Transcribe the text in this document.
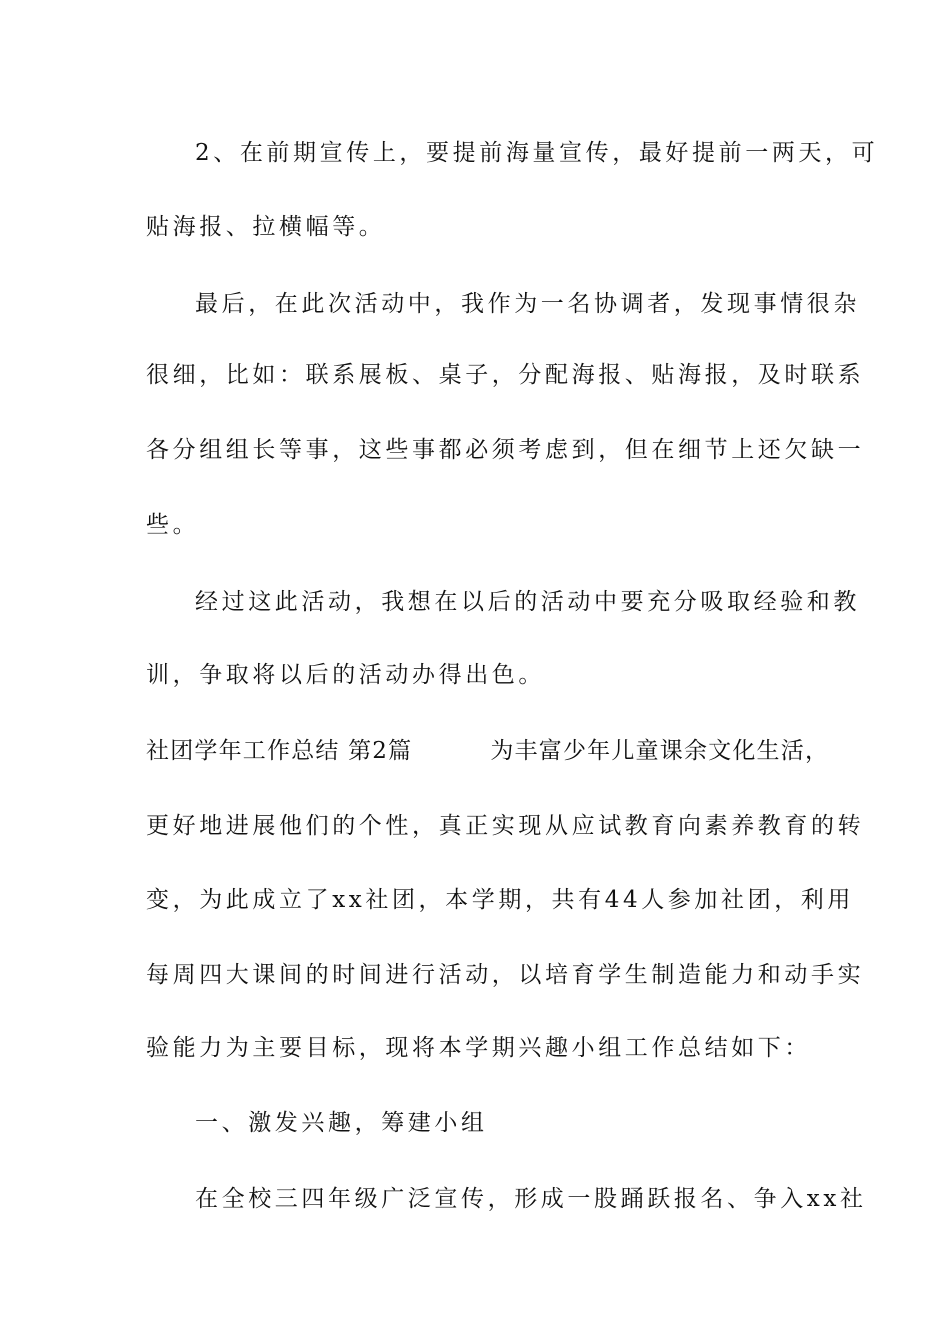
2、在前期宣传上，要提前海量宣传，最好提前一两天，可
贴海报、拉横幅等。
最后，在此次活动中，我作为一名协调者，发现事情很杂
很细，比如：联系展板、桌子，分配海报、贴海报，及时联系
各分组组长等事，这些事都必须考虑到，但在细节上还欠缺一
些。
经过这此活动，我想在以后的活动中要充分吸取经验和教
训，争取将以后的活动办得出色。
社团学年工作总结 第2篇	为丰富少年儿童课余文化生活，
更好地进展他们的个性，真正实现从应试教育向素养教育的转
变，为此成立了xx社团，本学期，共有44人参加社团，利用
每周四大课间的时间进行活动，以培育学生制造能力和动手实
验能力为主要目标，现将本学期兴趣小组工作总结如下：
一、激发兴趣，筹建小组
在全校三四年级广泛宣传，形成一股踊跃报名、争入xx社
